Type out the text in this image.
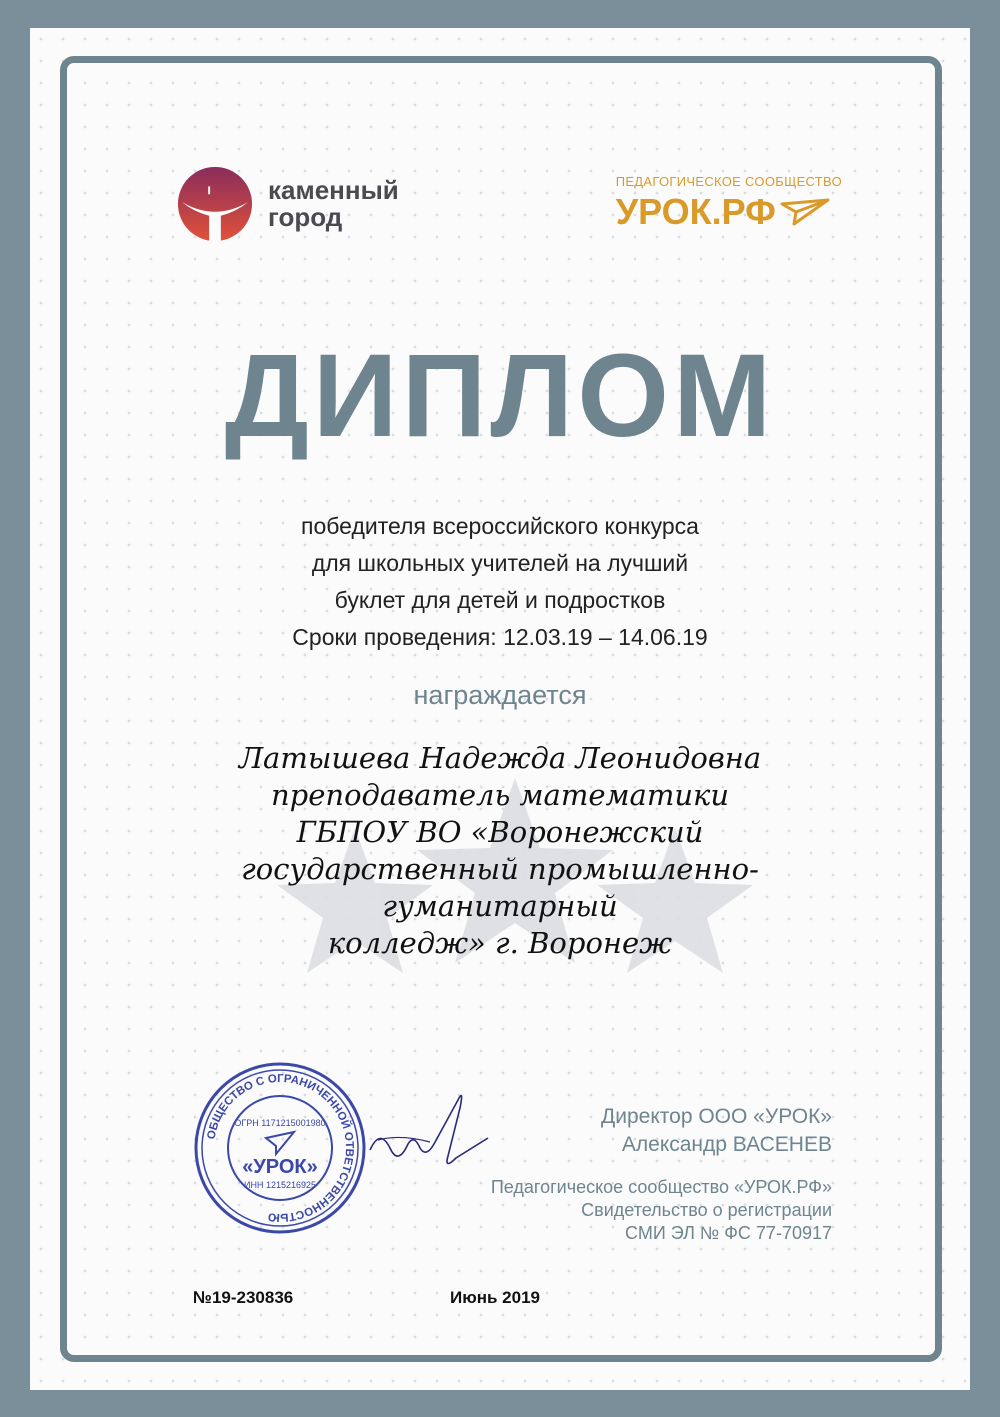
каменный
город
ПЕДАГОГИЧЕСКОЕ СООБЩЕСТВО
УРОК.РФ
ДИПЛОМ
победителя всероссийского конкурса
для школьных учителей на лучший
буклет для детей и подростков
Сроки проведения: 12.03.19 – 14.06.19
награждается
Латышева Надежда Леонидовна
преподаватель математики
ГБПОУ ВО «Воронежский
государственный промышленно-гуманитарный
колледж» г. Воронеж
ОБЩЕСТВО С ОГРАНИЧЕННОЙ ОТВЕТСТВЕННОСТЬЮ
ОГРН 1171215001980
«УРОК»
ИНН 1215216925
Директор ООО «УРОК»
Александр ВАСЕНЕВ
Педагогическое сообщество «УРОК.РФ»
Свидетельство о регистрации
СМИ ЭЛ № ФС 77-70917
№19-230836	Июнь 2019
